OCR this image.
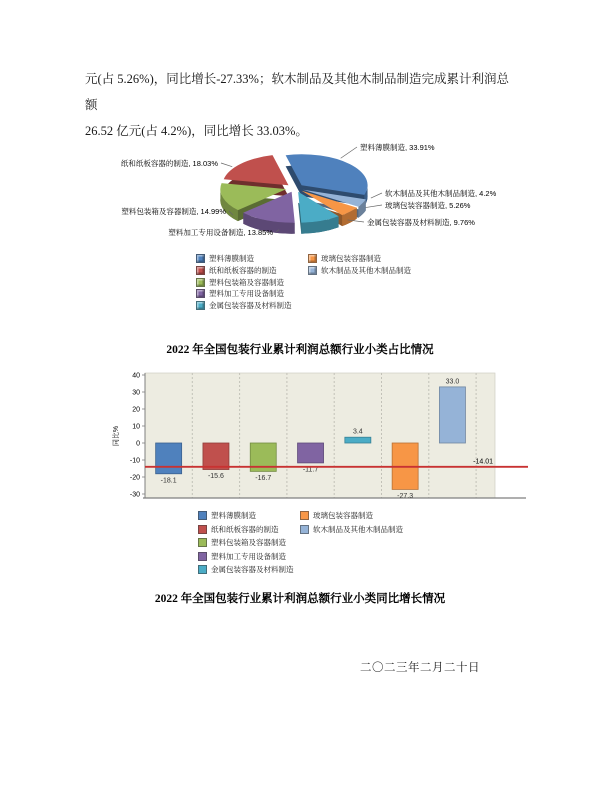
元(占 5.26%)，同比增长-27.33%；软木制品及其他木制品制造完成累计利润总额
26.52 亿元(占 4.2%)，同比增长 33.03%。
塑料薄膜制造, 33.91%
软木制品及其他木制品制造, 4.2%
玻璃包装容器制造, 5.26%
金属包装容器及材料制造, 9.76%
塑料加工专用设备制造, 13.85%
塑料包装箱及容器制造, 14.99%
纸和纸板容器的制造, 18.03%
塑料薄膜制造
纸和纸板容器的制造
塑料包装箱及容器制造
塑料加工专用设备制造
金属包装容器及材料制造
玻璃包装容器制造
软木制品及其他木制品制造
2022 年全国包装行业累计利润总额行业小类占比情况
40
30
20
10
0
-10
-20
-30
同比%
-18.1
-15.6	-16.7
-11.7
3.4
-27.3
33.0
-14.01
塑料薄膜制造
纸和纸板容器的制造
塑料包装箱及容器制造
塑料加工专用设备制造
金属包装容器及材料制造
玻璃包装容器制造
软木制品及其他木制品制造
2022 年全国包装行业累计利润总额行业小类同比增长情况
二〇二三年二月二十日
